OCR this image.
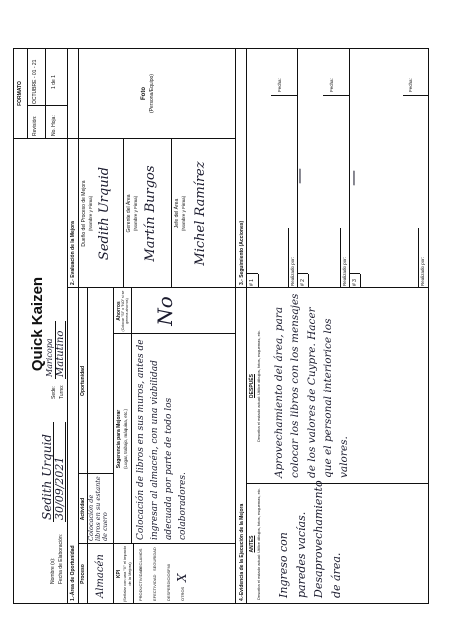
Quick Kaizen
Nombre (s): Fecha de Elaboración:
Sedith Urquid 30/09/2021
Sede: Turno:
Maricopa Matutino
FORMATO
Revisión:
OCTUBRE - 01 - 21
No. Hoja:
1 de 1
1.-Área de Oportunidad Proceso
Actividad
Oportunidad
Almacén
Colocación de libros en su estante de cuero
KPI (Señalar con una "X" el impacto de la Mejora) PRODUCTIVIDAD
RECLAMOS
EFECTIVIDAD
SEGURIDAD
DESPERDICIOS
FMI
OTROS
X
Sugerencia para Mejorar (Lugar, trabajo, máquina, etc.) Colocación de libros en sus muros, antes de ingresar al almacén, con una viabilidad adecuada por parte de todo los colaboradores.
Ahorros (Colocar "SI" o "NO" si se genera ahorros) No
4.-Evidencia de la Ejecución de la Mejora ANTES Describa el estado actual: Utilice dibujos, fotos, esquemas, etc. Ingreso con paredes vacías. Desaprovechamiento de área.
DESPUÉS Describa el estado actual: Utilice dibujos, fotos, esquemas, etc. Aprovechamiento del área, para colocar los libros con los mensajes de los valores de Cuypre. Hacer que el personal interiorice los valores.
2.- Evaluación de la Mejora
Dueño del Proceso de Mejora (Nombre y Firma) Sedith Urquid	Gerente del Área (Nombre y Firma) Martín Burgos	Jefe del Área (Nombre y Firma) Michel Ramírez
Foto (Persona/Equipo)
3.- Seguimiento (Acciones) # 1
Fecha:
Realizado por: # 2
—
Fecha:
Realizado por: # 3
—
Fecha:
Realizado por:
